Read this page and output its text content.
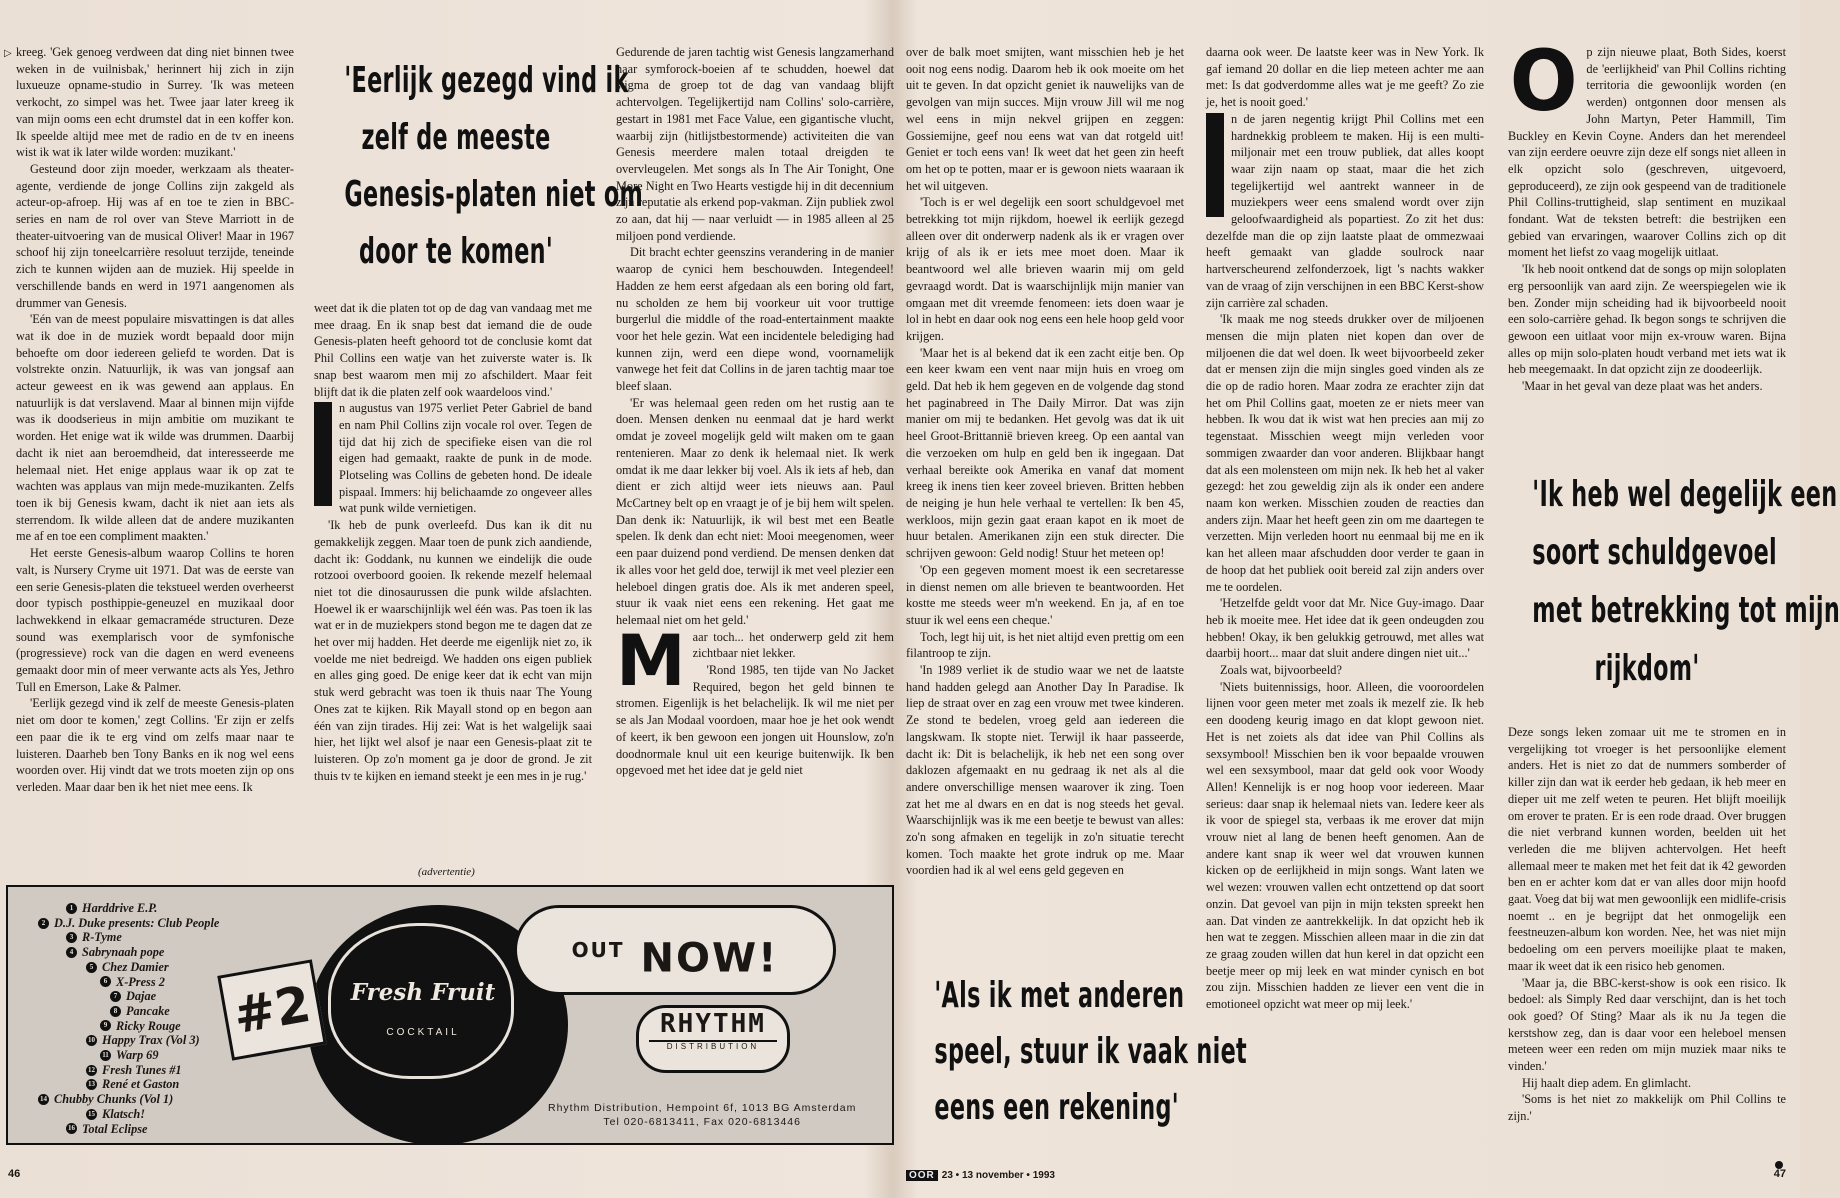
▷ kreeg. 'Gek genoeg verdween dat ding niet binnen twee weken in de vuilnisbak,' herinnert hij zich in zijn luxueuze opname-studio in Surrey. 'Ik was meteen verkocht, zo simpel was het. Twee jaar later kreeg ik van mijn ooms een echt drumstel dat in een koffer kon. Ik speelde altijd mee met de radio en de tv en ineens wist ik wat ik later wilde worden: muzikant.'

Gesteund door zijn moeder, werkzaam als theater-agente, verdiende de jonge Collins zijn zakgeld als acteur-op-afroep. Hij was af en toe te zien in BBC-series en nam de rol over van Steve Marriott in de theater-uitvoering van de musical Oliver! Maar in 1967 schoof hij zijn toneelcarrière resoluut terzijde, teneinde zich te kunnen wijden aan de muziek. Hij speelde in verschillende bands en werd in 1971 aangenomen als drummer van Genesis.

'Eén van de meest populaire misvattingen is dat alles wat ik doe in de muziek wordt bepaald door mijn behoefte om door iedereen geliefd te worden. Dat is volstrekte onzin. Natuurlijk, ik was van jongsaf aan acteur geweest en ik was gewend aan applaus. En natuurlijk is dat verslavend. Maar al binnen mijn vijfde was ik doodserieus in mijn ambitie om muzikant te worden. Het enige wat ik wilde was drummen. Daarbij dacht ik niet aan beroemdheid, dat interesseerde me helemaal niet. Het enige applaus waar ik op zat te wachten was applaus van mijn mede-muzikanten. Zelfs toen ik bij Genesis kwam, dacht ik niet aan iets als sterrendom. Ik wilde alleen dat de andere muzikanten me af en toe een compliment maakten.'

Het eerste Genesis-album waarop Collins te horen valt, is Nursery Cryme uit 1971. Dat was de eerste van een serie Genesis-platen die tekstueel werden overheerst door typisch posthippie-geneuzel en muzikaal door lachwekkend in elkaar gemacraméde structuren. Deze sound was exemplarisch voor de symfonische (progressieve) rock van die dagen en werd eveneens gemaakt door min of meer verwante acts als Yes, Jethro Tull en Emerson, Lake & Palmer.

'Eerlijk gezegd vind ik zelf de meeste Genesis-platen niet om door te komen,' zegt Collins. 'Er zijn er zelfs een paar die ik te erg vind om zelfs maar naar te luisteren. Daarheb ben Tony Banks en ik nog wel eens woorden over. Hij vindt dat we trots moeten zijn op ons verleden. Maar daar ben ik het niet mee eens. Ik

'Eerlijk gezegd vind ik
zelf de meeste
Genesis-platen niet om
door te komen'

weet dat ik die platen tot op de dag van vandaag met me mee draag. En ik snap best dat iemand die de oude Genesis-platen heeft gehoord tot de conclusie komt dat Phil Collins een watje van het zuiverste water is. Ik snap best waarom men mij zo afschildert. Maar feit blijft dat ik die platen zelf ook waardeloos vind.'

n augustus van 1975 verliet Peter Gabriel de band en nam Phil Collins zijn vocale rol over. Tegen de tijd dat hij zich de specifieke eisen van die rol eigen had gemaakt, raakte de punk in de mode. Plotseling was Collins de gebeten hond. De ideale pispaal. Immers: hij belichaamde zo ongeveer alles wat punk wilde vernietigen.

'Ik heb de punk overleefd. Dus kan ik dit nu gemakkelijk zeggen. Maar toen de punk zich aandiende, dacht ik: Goddank, nu kunnen we eindelijk die oude rotzooi overboord gooien. Ik rekende mezelf helemaal niet tot die dinosaurussen die punk wilde afslachten. Hoewel ik er waarschijnlijk wel één was. Pas toen ik las wat er in de muziekpers stond begon me te dagen dat ze het over mij hadden. Het deerde me eigenlijk niet zo, ik voelde me niet bedreigd. We hadden ons eigen publiek en alles ging goed. De enige keer dat ik echt van mijn stuk werd gebracht was toen ik thuis naar The Young Ones zat te kijken. Rik Mayall stond op en begon aan één van zijn tirades. Hij zei: Wat is het walgelijk saai hier, het lijkt wel alsof je naar een Genesis-plaat zit te luisteren. Op zo'n moment ga je door de grond. Je zit thuis tv te kijken en iemand steekt je een mes in je rug.'

Gedurende de jaren tachtig wist Genesis langzamerhand haar symforock-boeien af te schudden, hoewel dat stigma de groep tot de dag van vandaag blijft achtervolgen. Tegelijkertijd nam Collins' solo-carrière, gestart in 1981 met Face Value, een gigantische vlucht, waarbij zijn (hitlijstbestormende) activiteiten die van Genesis meerdere malen totaal dreigden te overvleugelen. Met songs als In The Air Tonight, One More Night en Two Hearts vestigde hij in dit decennium zijn reputatie als erkend pop-vakman. Zijn publiek zwol zo aan, dat hij — naar verluidt — in 1985 alleen al 25 miljoen pond verdiende.

Dit bracht echter geenszins verandering in de manier waarop de cynici hem beschouwden. Integendeel! Hadden ze hem eerst afgedaan als een boring old fart, nu scholden ze hem bij voorkeur uit voor truttige burgerlul die middle of the road-entertainment maakte voor het hele gezin. Wat een incidentele belediging had kunnen zijn, werd een diepe wond, voornamelijk vanwege het feit dat Collins in de jaren tachtig maar toe bleef slaan.

'Er was helemaal geen reden om het rustig aan te doen. Mensen denken nu eenmaal dat je hard werkt omdat je zoveel mogelijk geld wilt maken om te gaan rentenieren. Maar zo denk ik helemaal niet. Ik werk omdat ik me daar lekker bij voel. Als ik iets af heb, dan dient er zich altijd weer iets nieuws aan. Paul McCartney belt op en vraagt je of je bij hem wilt spelen. Dan denk ik: Natuurlijk, ik wil best met een Beatle spelen. Ik denk dan echt niet: Mooi meegenomen, weer een paar duizend pond verdiend. De mensen denken dat ik alles voor het geld doe, terwijl ik met veel plezier een heleboel dingen gratis doe. Als ik met anderen speel, stuur ik vaak niet eens een rekening. Het gaat me helemaal niet om het geld.'

Maar toch... het onderwerp geld zit hem zichtbaar niet lekker.

'Rond 1985, ten tijde van No Jacket Required, begon het geld binnen te stromen. Eigenlijk is het belachelijk. Ik wil me niet per se als Jan Modaal voordoen, maar hoe je het ook wendt of keert, ik ben gewoon een jongen uit Hounslow, zo'n doodnormale knul uit een keurige buitenwijk. Ik ben opgevoed met het idee dat je geld niet

over de balk moet smijten, want misschien heb je het ooit nog eens nodig. Daarom heb ik ook moeite om het uit te geven. In dat opzicht geniet ik nauwelijks van de gevolgen van mijn succes. Mijn vrouw Jill wil me nog wel eens in mijn nekvel grijpen en zeggen: Gossiemijne, geef nou eens wat van dat rotgeld uit! Geniet er toch eens van! Ik weet dat het geen zin heeft om het op te potten, maar er is gewoon niets waaraan ik het wil uitgeven.

'Toch is er wel degelijk een soort schuldgevoel met betrekking tot mijn rijkdom, hoewel ik eerlijk gezegd alleen over dit onderwerp nadenk als ik er vragen over krijg of als ik er iets mee moet doen. Maar ik beantwoord wel alle brieven waarin mij om geld gevraagd wordt. Dat is waarschijnlijk mijn manier van omgaan met dit vreemde fenomeen: iets doen waar je lol in hebt en daar ook nog eens een hele hoop geld voor krijgen.

'Maar het is al bekend dat ik een zacht eitje ben. Op een keer kwam een vent naar mijn huis en vroeg om geld. Dat heb ik hem gegeven en de volgende dag stond het paginabreed in The Daily Mirror. Dat was zijn manier om mij te bedanken. Het gevolg was dat ik uit heel Groot-Brittannië brieven kreeg. Op een aantal van die verzoeken om hulp en geld ben ik ingegaan. Dat verhaal bereikte ook Amerika en vanaf dat moment kreeg ik inens tien keer zoveel brieven. Britten hebben de neiging je hun hele verhaal te vertellen: Ik ben 45, werkloos, mijn gezin gaat eraan kapot en ik moet de huur betalen. Amerikanen zijn een stuk directer. Die schrijven gewoon: Geld nodig! Stuur het meteen op!

'Op een gegeven moment moest ik een secretaresse in dienst nemen om alle brieven te beantwoorden. Het kostte me steeds weer m'n weekend. En ja, af en toe stuur ik wel eens een cheque.'

Toch, legt hij uit, is het niet altijd even prettig om een filantroop te zijn.

'In 1989 verliet ik de studio waar we net de laatste hand hadden gelegd aan Another Day In Paradise. Ik liep de straat over en zag een vrouw met twee kinderen. Ze stond te bedelen, vroeg geld aan iedereen die langskwam. Ik stopte niet. Terwijl ik haar passeerde, dacht ik: Dit is belachelijk, ik heb net een song over daklozen afgemaakt en nu gedraag ik net als al die andere onverschillige mensen waarover ik zing. Toen zat het me al dwars en en dat is nog steeds het geval. Waarschijnlijk was ik me een beetje te bewust van alles: zo'n song afmaken en tegelijk in zo'n situatie terecht komen. Toch maakte het grote indruk op me. Maar voordien had ik al wel eens geld gegeven en

'Als ik met anderen
speel, stuur ik vaak niet
eens een rekening'

daarna ook weer. De laatste keer was in New York. Ik gaf iemand 20 dollar en die liep meteen achter me aan met: Is dat godverdomme alles wat je me geeft? Zo zie je, het is nooit goed.'

n de jaren negentig krijgt Phil Collins met een hardnekkig probleem te maken. Hij is een multi-miljonair met een trouw publiek, dat alles koopt waar zijn naam op staat, maar die het zich tegelijkertijd wel aantrekt wanneer in de muziekpers weer eens smalend wordt over zijn geloofwaardigheid als popartiest. Zo zit het dus: dezelfde man die op zijn laatste plaat de ommezwaai heeft gemaakt van gladde soulrock naar hartverscheurend zelfonderzoek, ligt 's nachts wakker van de vraag of zijn verschijnen in een BBC Kerst-show zijn carrière zal schaden.

'Ik maak me nog steeds drukker over de miljoenen mensen die mijn platen niet kopen dan over de miljoenen die dat wel doen. Ik weet bijvoorbeeld zeker dat er mensen zijn die mijn singles goed vinden als ze die op de radio horen. Maar zodra ze erachter zijn dat het om Phil Collins gaat, moeten ze er niets meer van hebben. Ik wou dat ik wist wat hen precies aan mij zo tegenstaat. Misschien weegt mijn verleden voor sommigen zwaarder dan voor anderen. Blijkbaar hangt dat als een molensteen om mijn nek. Ik heb het al vaker gezegd: het zou geweldig zijn als ik onder een andere naam kon werken. Misschien zouden de reacties dan anders zijn. Maar het heeft geen zin om me daartegen te verzetten. Mijn verleden hoort nu eenmaal bij me en ik kan het alleen maar afschudden door verder te gaan in de hoop dat het publiek ooit bereid zal zijn anders over me te oordelen.

'Hetzelfde geldt voor dat Mr. Nice Guy-imago. Daar heb ik moeite mee. Het idee dat ik geen ondeugden zou hebben! Okay, ik ben gelukkig getrouwd, met alles wat daarbij hoort... maar dat sluit andere dingen niet uit...'

Zoals wat, bijvoorbeeld?

'Niets buitennissigs, hoor. Alleen, die vooroordelen lijnen voor geen meter met zoals ik mezelf zie. Ik heb een doodeng keurig imago en dat klopt gewoon niet. Het is net zoiets als dat idee van Phil Collins als sexsymbool! Misschien ben ik voor bepaalde vrouwen wel een sexsymbool, maar dat geld ook voor Woody Allen! Kennelijk is er nog hoop voor iedereen. Maar serieus: daar snap ik helemaal niets van. Iedere keer als ik voor de spiegel sta, verbaas ik me erover dat mijn vrouw niet al lang de benen heeft genomen. Aan de andere kant snap ik weer wel dat vrouwen kunnen kicken op de eerlijkheid in mijn songs. Want laten we wel wezen: vrouwen vallen echt ontzettend op dat soort onzin. Dat gevoel van pijn in mijn teksten spreekt hen aan. Dat vinden ze aantrekkelijk. In dat opzicht heb ik hen wat te zeggen. Misschien alleen maar in die zin dat ze graag zouden willen dat hun kerel in dat opzicht een beetje meer op mij leek en wat minder cynisch en bot zou zijn. Misschien hadden ze liever een vent die in emotioneel opzicht wat meer op mij leek.'

Op zijn nieuwe plaat, Both Sides, koerst de 'eerlijkheid' van Phil Collins richting territoria die gewoonlijk worden (en werden) ontgonnen door mensen als John Martyn, Peter Hammill, Tim Buckley en Kevin Coyne. Anders dan het merendeel van zijn eerdere oeuvre zijn deze elf songs niet alleen in elk opzicht solo (geschreven, uitgevoerd, geproduceerd), ze zijn ook gespeend van de traditionele Phil Collins-truttigheid, slap sentiment en muzikaal fondant. Wat de teksten betreft: die bestrijken een gebied van ervaringen, waarover Collins zich op dit moment het liefst zo vaag mogelijk uitlaat.

'Ik heb nooit ontkend dat de songs op mijn soloplaten erg persoonlijk van aard zijn. Ze weerspiegelen wie ik ben. Zonder mijn scheiding had ik bijvoorbeeld nooit een solo-carrière gehad. Ik begon songs te schrijven die gewoon een uitlaat voor mijn ex-vrouw waren. Bijna alles op mijn solo-platen houdt verband met iets wat ik heb meegemaakt. In dat opzicht zijn ze doodeerlijk.

'Maar in het geval van deze plaat was het anders.

'Ik heb wel degelijk een
soort schuldgevoel
met betrekking tot mijn
rijkdom'

Deze songs leken zomaar uit me te stromen en in vergelijking tot vroeger is het persoonlijke element anders. Het is niet zo dat de nummers somberder of killer zijn dan wat ik eerder heb gedaan, ik heb meer en dieper uit me zelf weten te peuren. Het blijft moeilijk om erover te praten. Er is een rode draad. Over bruggen die niet verbrand kunnen worden, beelden uit het verleden die me blijven achtervolgen. Het heeft allemaal meer te maken met het feit dat ik 42 geworden ben en er achter kom dat er van alles door mijn hoofd gaat. Voeg dat bij wat men gewoonlijk een midlife-crisis noemt .. en je begrijpt dat het onmogelijk een feestneuzen-album kon worden. Nee, het was niet mijn bedoeling om een pervers moeilijke plaat te maken, maar ik weet dat ik een risico heb genomen.

'Maar ja, die BBC-kerst-show is ook een risico. Ik bedoel: als Simply Red daar verschijnt, dan is het toch ook goed? Of Sting? Maar als ik nu Ja tegen die kerstshow zeg, dan is daar voor een heleboel mensen meteen weer een reden om mijn muziek maar niks te vinden.'

Hij haalt diep adem. En glimlacht.

'Soms is het niet zo makkelijk om Phil Collins te zijn.'

(advertentie)
1 Harddrive E.P.
2 D.J. Duke presents: Club People
3 R-Tyme
4 Sabrynaah pope
5 Chez Damier
6 X-Press 2
7 Dajae
8 Pancake
9 Ricky Rouge
10 Happy Trax (Vol 3)
11 Warp 69
12 Fresh Tunes #1
13 René et Gaston
14 Chubby Chunks (Vol 1)
15 Klatsch!
16 Total Eclipse
Fresh Fruit
COCKTAIL
#2
$^{OUT}$ NOW!
RHYTHM
DISTRIBUTION
Rhythm Distribution, Hempoint 6f, 1013 BG Amsterdam
Tel 020-6813411, Fax 020-6813446
46	OOR 23 • 13 november • 1993	47
